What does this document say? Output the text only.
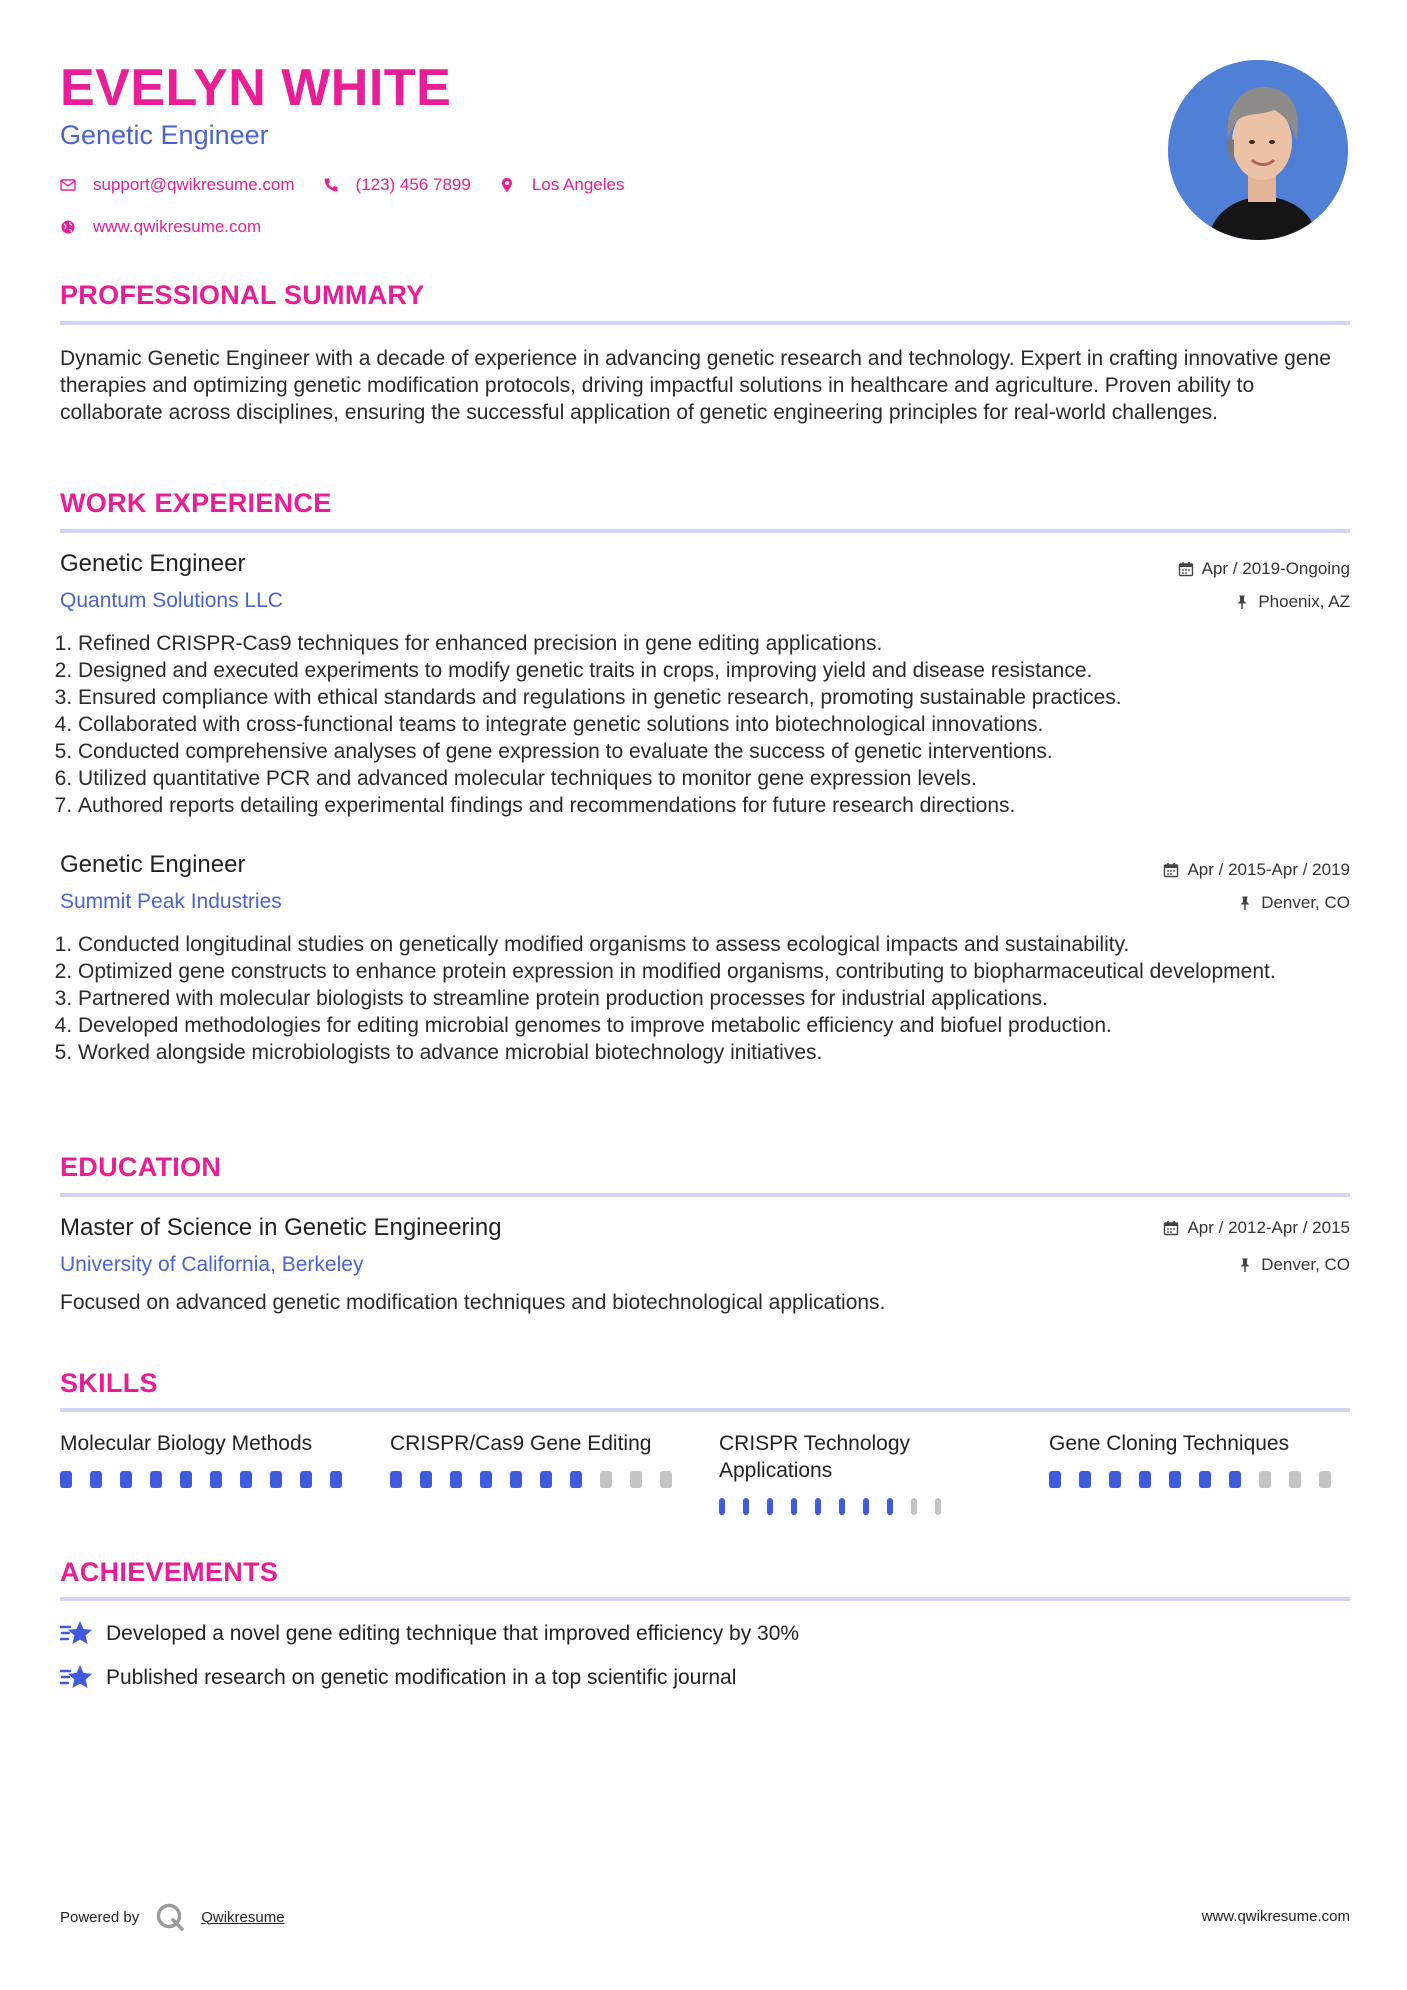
EVELYN WHITE
Genetic Engineer
support@qwikresume.com	(123) 456 7899	Los Angeles
www.qwikresume.com
PROFESSIONAL SUMMARY
Dynamic Genetic Engineer with a decade of experience in advancing genetic research and technology. Expert in crafting innovative gene therapies and optimizing genetic modification protocols, driving impactful solutions in healthcare and agriculture. Proven ability to collaborate across disciplines, ensuring the successful application of genetic engineering principles for real-world challenges.
WORK EXPERIENCE
Genetic Engineer	Apr / 2019-Ongoing
Quantum Solutions LLC	Phoenix, AZ
1. Refined CRISPR-Cas9 techniques for enhanced precision in gene editing applications.
2. Designed and executed experiments to modify genetic traits in crops, improving yield and disease resistance.
3. Ensured compliance with ethical standards and regulations in genetic research, promoting sustainable practices.
4. Collaborated with cross-functional teams to integrate genetic solutions into biotechnological innovations.
5. Conducted comprehensive analyses of gene expression to evaluate the success of genetic interventions.
6. Utilized quantitative PCR and advanced molecular techniques to monitor gene expression levels.
7. Authored reports detailing experimental findings and recommendations for future research directions.
Genetic Engineer	Apr / 2015-Apr / 2019
Summit Peak Industries	Denver, CO
1. Conducted longitudinal studies on genetically modified organisms to assess ecological impacts and sustainability.
2. Optimized gene constructs to enhance protein expression in modified organisms, contributing to biopharmaceutical development.
3. Partnered with molecular biologists to streamline protein production processes for industrial applications.
4. Developed methodologies for editing microbial genomes to improve metabolic efficiency and biofuel production.
5. Worked alongside microbiologists to advance microbial biotechnology initiatives.
EDUCATION
Master of Science in Genetic Engineering	Apr / 2012-Apr / 2015
University of California, Berkeley	Denver, CO
Focused on advanced genetic modification techniques and biotechnological applications.
SKILLS
Molecular Biology Methods	CRISPR/Cas9 Gene Editing	CRISPR Technology Applications
Gene Cloning Techniques
ACHIEVEMENTS
Developed a novel gene editing technique that improved efficiency by 30%
Published research on genetic modification in a top scientific journal
Powered by	Qwikresume	www.qwikresume.com
